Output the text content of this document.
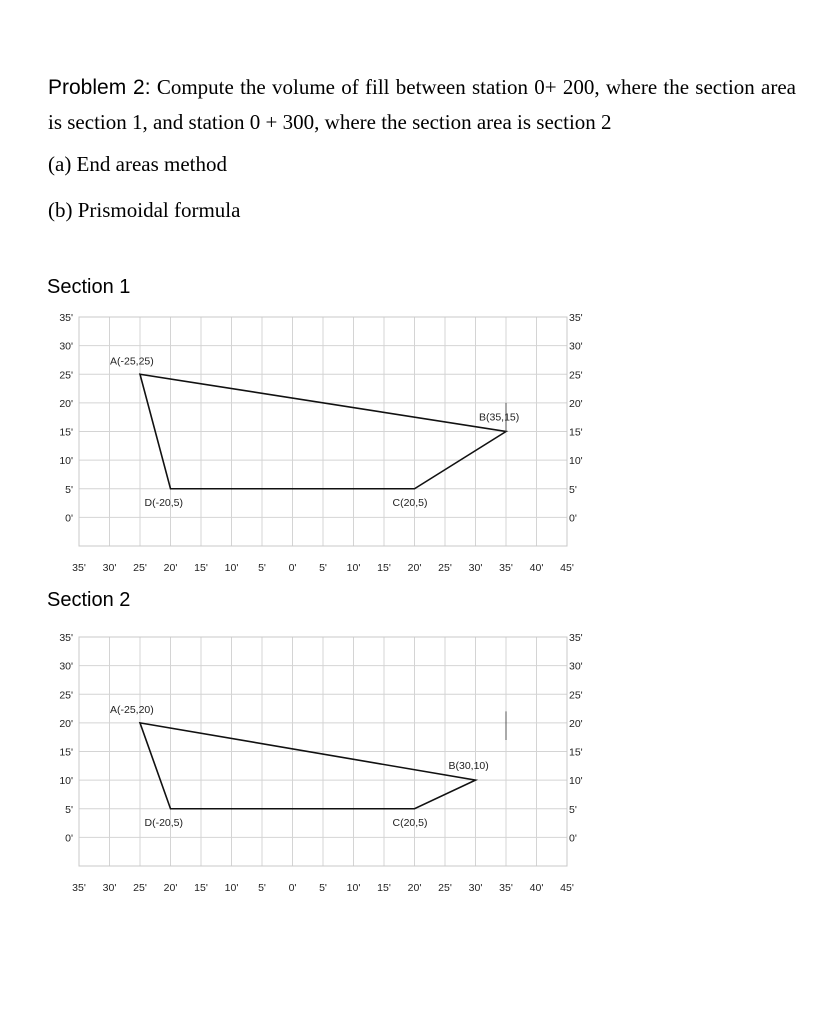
Problem 2: Compute the volume of fill between station 0+ 200, where the section area is section 1, and station 0 + 300, where the section area is section 2
(a) End areas method
(b) Prismoidal formula
Section 1
35'	35'
30'	30'
25'	25'
20'	20'
15'	15'
10'	10'
5'	5'
0'	0'
35' 30' 25' 20' 15' 10' 5' 0' 5' 10' 15' 20' 25' 30' 35' 40' 45'
A(-25,25)
B(35,15)
C(20,5)
D(-20,5)
Section 2
35'	35'
30'	30'
25'	25'
20'	20'
15'	15'
10'	10'
5'	5'
0'	0'
35' 30' 25' 20' 15' 10' 5' 0' 5' 10' 15' 20' 25' 30' 35' 40' 45'
A(-25,20)
B(30,10)
C(20,5)
D(-20,5)
